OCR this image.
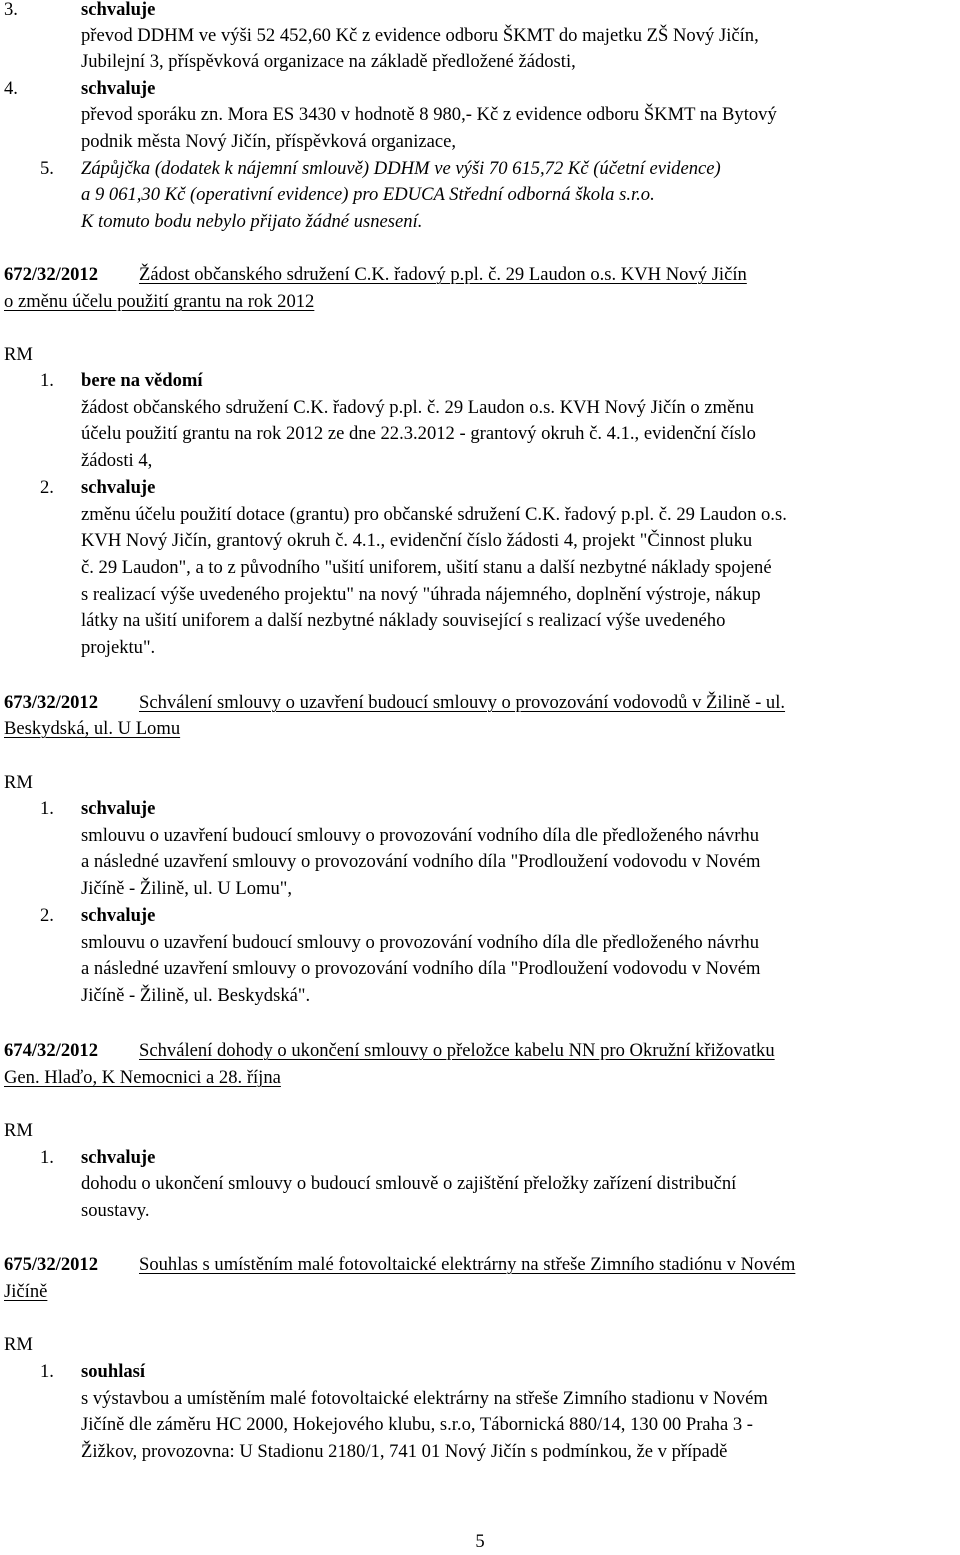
3.	schvaluje

převod DDHM ve výši 52 452,60 Kč z evidence odboru ŠKMT do majetku ZŠ Nový Jičín,

Jubilejní 3, příspěvková organizace na základě předložené žádosti,

4.	schvaluje

převod sporáku zn. Mora ES 3430 v hodnotě 8 980,- Kč z evidence odboru ŠKMT na Bytový

podnik města Nový Jičín, příspěvková organizace,

5. Zápůjčka (dodatek k nájemní smlouvě) DDHM ve výši 70 615,72 Kč (účetní evidence)

a 9 061,30 Kč (operativní evidence) pro EDUCA Střední odborná škola s.r.o.

K tomuto bodu nebylo přijato žádné usnesení.

672/32/2012 Žádost občanského sdružení C.K. řadový p.pl. č. 29 Laudon o.s. KVH Nový Jičín

o změnu účelu použití grantu na rok 2012

RM

1. bere na vědomí

žádost občanského sdružení C.K. řadový p.pl. č. 29 Laudon o.s. KVH Nový Jičín o změnu

účelu použití grantu na rok 2012 ze dne 22.3.2012 - grantový okruh č. 4.1., evidenční číslo

žádosti 4,

2. schvaluje

změnu účelu použití dotace (grantu) pro občanské sdružení C.K. řadový p.pl. č. 29 Laudon o.s.

KVH Nový Jičín, grantový okruh č. 4.1., evidenční číslo žádosti 4, projekt "Činnost pluku

č. 29 Laudon", a to z původního "ušití uniforem, ušití stanu a další nezbytné náklady spojené

s realizací výše uvedeného projektu" na nový "úhrada nájemného, doplnění výstroje, nákup

látky na ušití uniforem a další nezbytné náklady související s realizací výše uvedeného

projektu".

673/32/2012 Schválení smlouvy o uzavření budoucí smlouvy o provozování vodovodů v Žilině - ul.

Beskydská, ul. U Lomu

RM

1. schvaluje

smlouvu o uzavření budoucí smlouvy o provozování vodního díla dle předloženého návrhu

a následné uzavření smlouvy o provozování vodního díla "Prodloužení vodovodu v Novém

Jičíně - Žilině, ul. U Lomu",

2. schvaluje

smlouvu o uzavření budoucí smlouvy o provozování vodního díla dle předloženého návrhu

a následné uzavření smlouvy o provozování vodního díla "Prodloužení vodovodu v Novém

Jičíně - Žilině, ul. Beskydská".

674/32/2012 Schválení dohody o ukončení smlouvy o přeložce kabelu NN pro Okružní křižovatku

Gen. Hlaďo, K Nemocnici a 28. října

RM

1. schvaluje

dohodu o ukončení smlouvy o budoucí smlouvě o zajištění přeložky zařízení distribuční

soustavy.

675/32/2012 Souhlas s umístěním malé fotovoltaické elektrárny na střeše Zimního stadiónu v Novém

Jičíně

RM

1. souhlasí

s výstavbou a umístěním malé fotovoltaické elektrárny na střeše Zimního stadionu v Novém

Jičíně dle záměru HC 2000, Hokejového klubu, s.r.o, Tábornická 880/14, 130 00 Praha 3 -

Žižkov, provozovna: U Stadionu 2180/1, 741 01 Nový Jičín s podmínkou, že v případě

5
